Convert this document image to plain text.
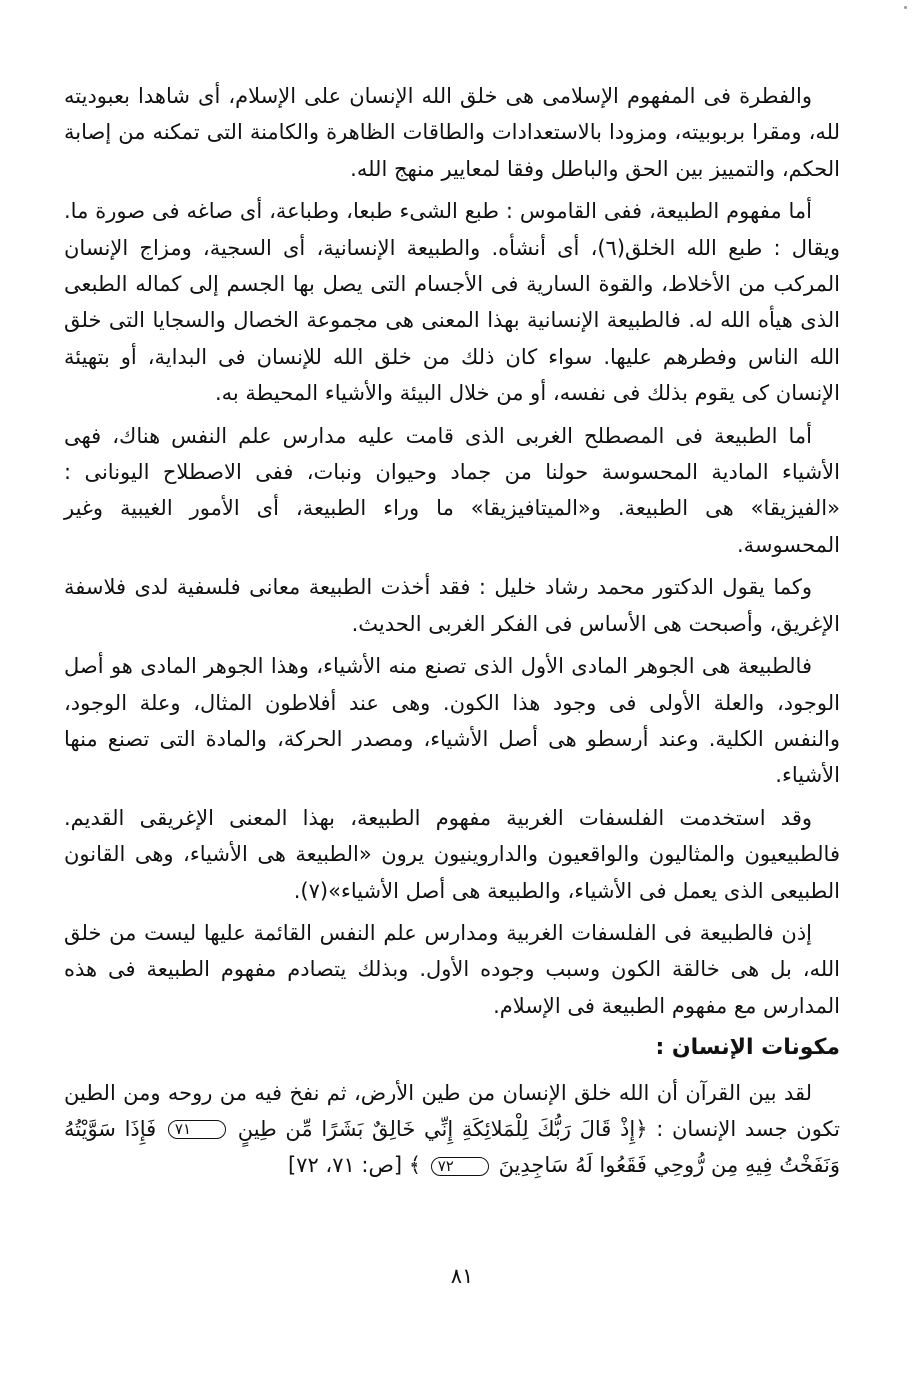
والفطرة فى المفهوم الإسلامى هى خلق الله الإنسان على الإسلام، أى شاهدا بعبوديته لله، ومقرا بربوبيته، ومزودا بالاستعدادات والطاقات الظاهرة والكامنة التى تمكنه من إصابة الحكم، والتمييز بين الحق والباطل وفقا لمعايير منهج الله.

أما مفهوم الطبيعة، ففى القاموس : طبع الشىء طبعا، وطباعة، أى صاغه فى صورة ما. ويقال : طبع الله الخلق(٦)، أى أنشأه. والطبيعة الإنسانية، أى السجية، ومزاج الإنسان المركب من الأخلاط، والقوة السارية فى الأجسام التى يصل بها الجسم إلى كماله الطبعى الذى هيأه الله له. فالطبيعة الإنسانية بهذا المعنى هى مجموعة الخصال والسجايا التى خلق الله الناس وفطرهم عليها. سواء كان ذلك من خلق الله للإنسان فى البداية، أو بتهيئة الإنسان كى يقوم بذلك فى نفسه، أو من خلال البيئة والأشياء المحيطة به.

أما الطبيعة فى المصطلح الغربى الذى قامت عليه مدارس علم النفس هناك، فهى الأشياء المادية المحسوسة حولنا من جماد وحيوان ونبات، ففى الاصطلاح اليونانى : «الفيزيقا» هى الطبيعة. و«الميتافيزيقا» ما وراء الطبيعة، أى الأمور الغيبية وغير المحسوسة.

وكما يقول الدكتور محمد رشاد خليل : فقد أخذت الطبيعة معانى فلسفية لدى فلاسفة الإغريق، وأصبحت هى الأساس فى الفكر الغربى الحديث.

فالطبيعة هى الجوهر المادى الأول الذى تصنع منه الأشياء، وهذا الجوهر المادى هو أصل الوجود، والعلة الأولى فى وجود هذا الكون. وهى عند أفلاطون المثال، وعلة الوجود، والنفس الكلية. وعند أرسطو هى أصل الأشياء، ومصدر الحركة، والمادة التى تصنع منها الأشياء.

وقد استخدمت الفلسفات الغربية مفهوم الطبيعة، بهذا المعنى الإغريقى القديم. فالطبيعيون والمثاليون والواقعيون والداروينيون يرون «الطبيعة هى الأشياء، وهى القانون الطبيعى الذى يعمل فى الأشياء، والطبيعة هى أصل الأشياء»(٧).

إذن فالطبيعة فى الفلسفات الغربية ومدارس علم النفس القائمة عليها ليست من خلق الله، بل هى خالقة الكون وسبب وجوده الأول. وبذلك يتصادم مفهوم الطبيعة فى هذه المدارس مع مفهوم الطبيعة فى الإسلام.

مكونات الإنسان :

لقد بين القرآن أن الله خلق الإنسان من طين الأرض، ثم نفخ فيه من روحه ومن الطين تكون جسد الإنسان : ﴿إِذْ قَالَ رَبُّكَ لِلْمَلائِكَةِ إِنِّي خَالِقٌ بَشَرًا مِّن طِينٍ ٧١ فَإِذَا سَوَّيْتُهُ وَنَفَخْتُ فِيهِ مِن رُّوحِي فَقَعُوا لَهُ سَاجِدِينَ ٧٢ ﴾ [ص: ٧١، ٧٢]

٨١
